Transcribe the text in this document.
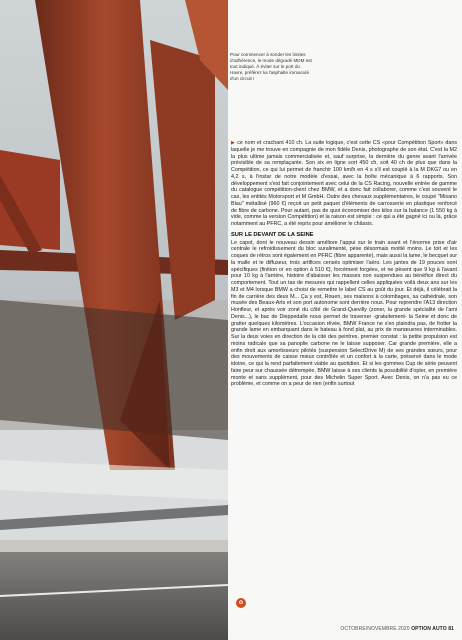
Pour commencer à sonder les limites d'adhérence, le mode dégradé MDM est tout indiqué. À éviter sur le port du Havre, préférez lui l'asphalte immaculé d'un circuit !

▶ ce nom et crachant 410 ch. La suite logique, c'est cette CS «pour Compétition Sport» dans laquelle je me trouve en compagnie de mon fidèle Denis, photographe de son état. C'est la M2 la plus ultime jamais commercialisée et, sauf surprise, la dernière du genre avant l'arrivée prévisible de sa remplaçante. Son six en ligne sort 450 ch, soit 40 ch de plus que dans la Compétition, ce qui lui permet de franchir 100 km/h en 4 s s'il est couplé à la M DKG7 ou en 4,2 s, à l'instar de notre modèle d'essai, avec la boîte mécanique à 6 rapports. Son développement s'est fait conjointement avec celui de la CS Racing, nouvelle entrée de gamme du catalogue compétition-client chez BMW, et a donc fait collaborer, comme c'est souvent le cas, les entités Motorsport et M GmbH. Outre des chevaux supplémentaires, le coupé "Misano Blau" métallisé (960 €) reçoit un petit paquet d'éléments de carrosserie en plastique renforcé de fibre de carbone. Pour autant, pas de quoi économiser des kilos sur la balance (1 550 kg à vide, comme la version Compétition) et la raison est simple : ce qui a été gagné ici ou là, grâce notamment au PFRC, a été repris pour améliorer le châssis.

SUR LE DEVANT DE LA SEINE

Le capot, dont le nouveau dessin améliore l'appui sur le train avant et l'énorme prise d'air centrale le refroidissement du bloc suralimenté, pèse désormais moitié moins. Le toit et les coques de rétros sont également en PFRC (fibre apparente), mais aussi la lame, le becquet sur la malle et le diffuseur, trois artifices censés optimiser l'aéro. Les jantes de 19 pouces sont spécifiques (finition or en option à 510 €), forcément forgées, et ne pèsent que 9 kg à l'avant pour 10 kg à l'arrière, histoire d'abaisser les masses non suspendues au bénéfice direct du comportement. Tout un tas de mesures qui rappellent celles appliquées voilà deux ans sur les M3 et M4 lorsque BMW a choisi de remettre le label CS au goût du jour. Et déjà, il célébrait la fin de carrière des deux M... Ça y est, Rouen, ses maisons à colombages, sa cathédrale, son musée des Beaux-Arts et son port autonome sont derrière nous. Pour reprendre l'A13 direction Honfleur, et après voir zoné du côté de Grand-Quevilly (zoner, la grande spécialité de l'ami Denis...), le bac de Dieppedalle nous permet de traverser -gratuitement- la Seine et donc de gratter quelques kilomètres. L'occasion rêvée, BMW France ne s'en plaindra pas, de frotter la grande lame en embarquant dans le bateau à fond plat, au prix de manœuvres interminables. Sur la deux voies en direction de la cité des peintres, premier constat : la petite propulsion est moins radicale que sa panoplie carbone ne le laisse supposer. Car grande première, elle a enfin droit aux amortisseurs pilotés (suspension SelectDrive M) de ses grandes sœurs, pour des mouvements de caisse mieux contrôlés et un confort à la carte, préservé dans le mode idoine, ce qui la rend parfaitement viable au quotidien. Et si les gommes Cup de série peuvent faire peur sur chaussée détrempée, BMW laisse à ses clients la possibilité d'opter, en première monte et sans supplément, pour des Michelin Super Sport. Avec Denis, on n'a pas eu ce problème, et comme on a peur de rien (enfin surtout

✪
OCTOBRE/NOVEMBRE 2020 OPTION AUTO 81
